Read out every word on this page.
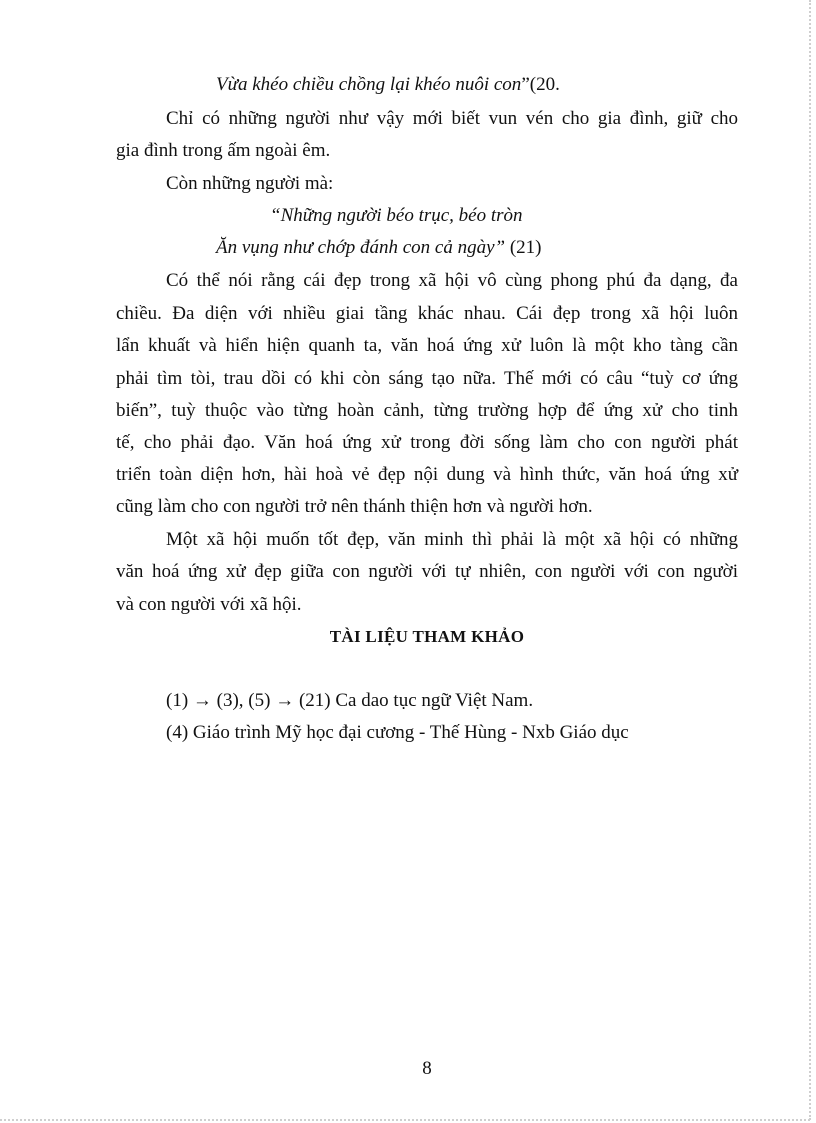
Vừa khéo chiều chồng lại khéo nuôi con”(20.
Chỉ có những người như vậy mới biết vun vén cho gia đình, giữ cho
gia đình trong ấm ngoài êm.
Còn những người mà:
“Những người béo trục, béo tròn
Ăn vụng như chớp đánh con cả ngày” (21)
Có thể nói rằng cái đẹp trong xã hội vô cùng phong phú đa dạng, đa
chiều. Đa diện với nhiều giai tầng khác nhau. Cái đẹp trong xã hội luôn
lẩn khuất và hiển hiện quanh ta, văn hoá ứng xử luôn là một kho tàng cần
phải tìm tòi, trau dồi có khi còn sáng tạo nữa. Thế mới có câu “tuỳ cơ ứng
biến”, tuỳ thuộc vào từng hoàn cảnh, từng trường hợp để ứng xử cho tinh
tế, cho phải đạo. Văn hoá ứng xử trong đời sống làm cho con người phát
triển toàn diện hơn, hài hoà vẻ đẹp nội dung và hình thức, văn hoá ứng xử
cũng làm cho con người trở nên thánh thiện hơn và người hơn.
Một xã hội muốn tốt đẹp, văn minh thì phải là một xã hội có những
văn hoá ứng xử đẹp giữa con người với tự nhiên, con người với con người
và con người với xã hội.
TÀI LIỆU THAM KHẢO
(1) → (3), (5) → (21) Ca dao tục ngữ Việt Nam.
(4) Giáo trình Mỹ học đại cương - Thế Hùng - Nxb Giáo dục
8
